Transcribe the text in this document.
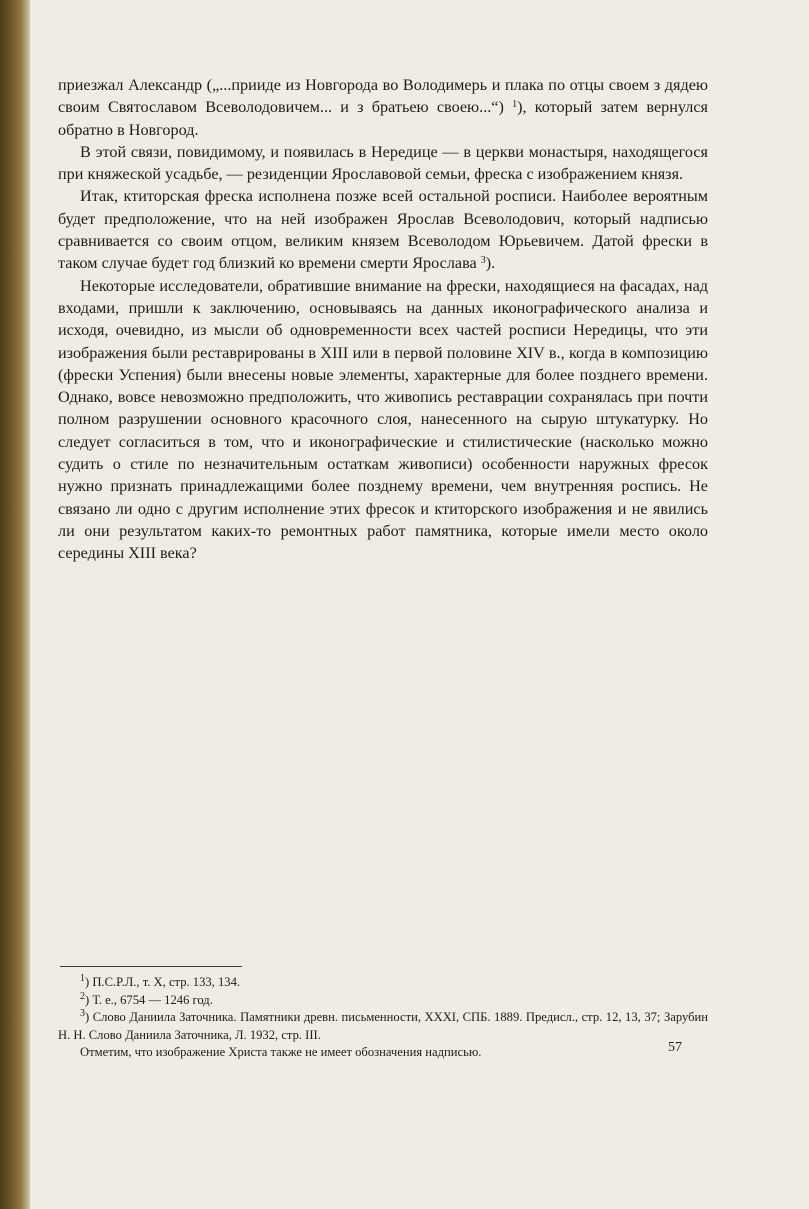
приезжал Александр („...прииде из Новгорода во Володимерь и плака по отцы своем з дядею своим Святославом Всеволодовичем... и з братьею своею...“) $^1$), который затем вернулся обратно в Новгород.

В этой связи, повидимому, и появилась в Нередице — в церкви монастыря, находящегося при княжеской усадьбе, — резиденции Ярославовой семьи, фреска с изображением князя.

Итак, ктиторская фреска исполнена позже всей остальной росписи. Наиболее вероятным будет предположение, что на ней изображен Ярослав Всеволодович, который надписью сравнивается со своим отцом, великим князем Всеволодом Юрьевичем. Датой фрески в таком случае будет год близкий ко времени смерти Ярослава $^3$).

Некоторые исследователи, обратившие внимание на фрески, находящиеся на фасадах, над входами, пришли к заключению, основываясь на данных иконографического анализа и исходя, очевидно, из мысли об одновременности всех частей росписи Нередицы, что эти изображения были реставрированы в XIII или в первой половине XIV в., когда в композицию (фрески Успения) были внесены новые элементы, характерные для более позднего времени. Однако, вовсе невозможно предположить, что живопись реставрации сохранялась при почти полном разрушении основного красочного слоя, нанесенного на сырую штукатурку. Но следует согласиться в том, что и иконографические и стилистические (насколько можно судить о стиле по незначительным остаткам живописи) особенности наружных фресок нужно признать принадлежащими более позднему времени, чем внутренняя роспись. Не связано ли одно с другим исполнение этих фресок и ктиторского изображения и не явились ли они результатом каких-то ремонтных работ памятника, которые имели место около середины XIII века?

$^1$) П.С.Р.Л., т. X, стр. 133, 134.

$^2$) Т. е., 6754 — 1246 год.

$^3$) Слово Даниила Заточника. Памятники древн. письменности, XXXI, СПБ. 1889. Предисл., стр. 12, 13, 37; Зарубин Н. Н. Слово Даниила Заточника, Л. 1932, стр. III.

Отметим, что изображение Христа также не имеет обозначения надписью.	57
